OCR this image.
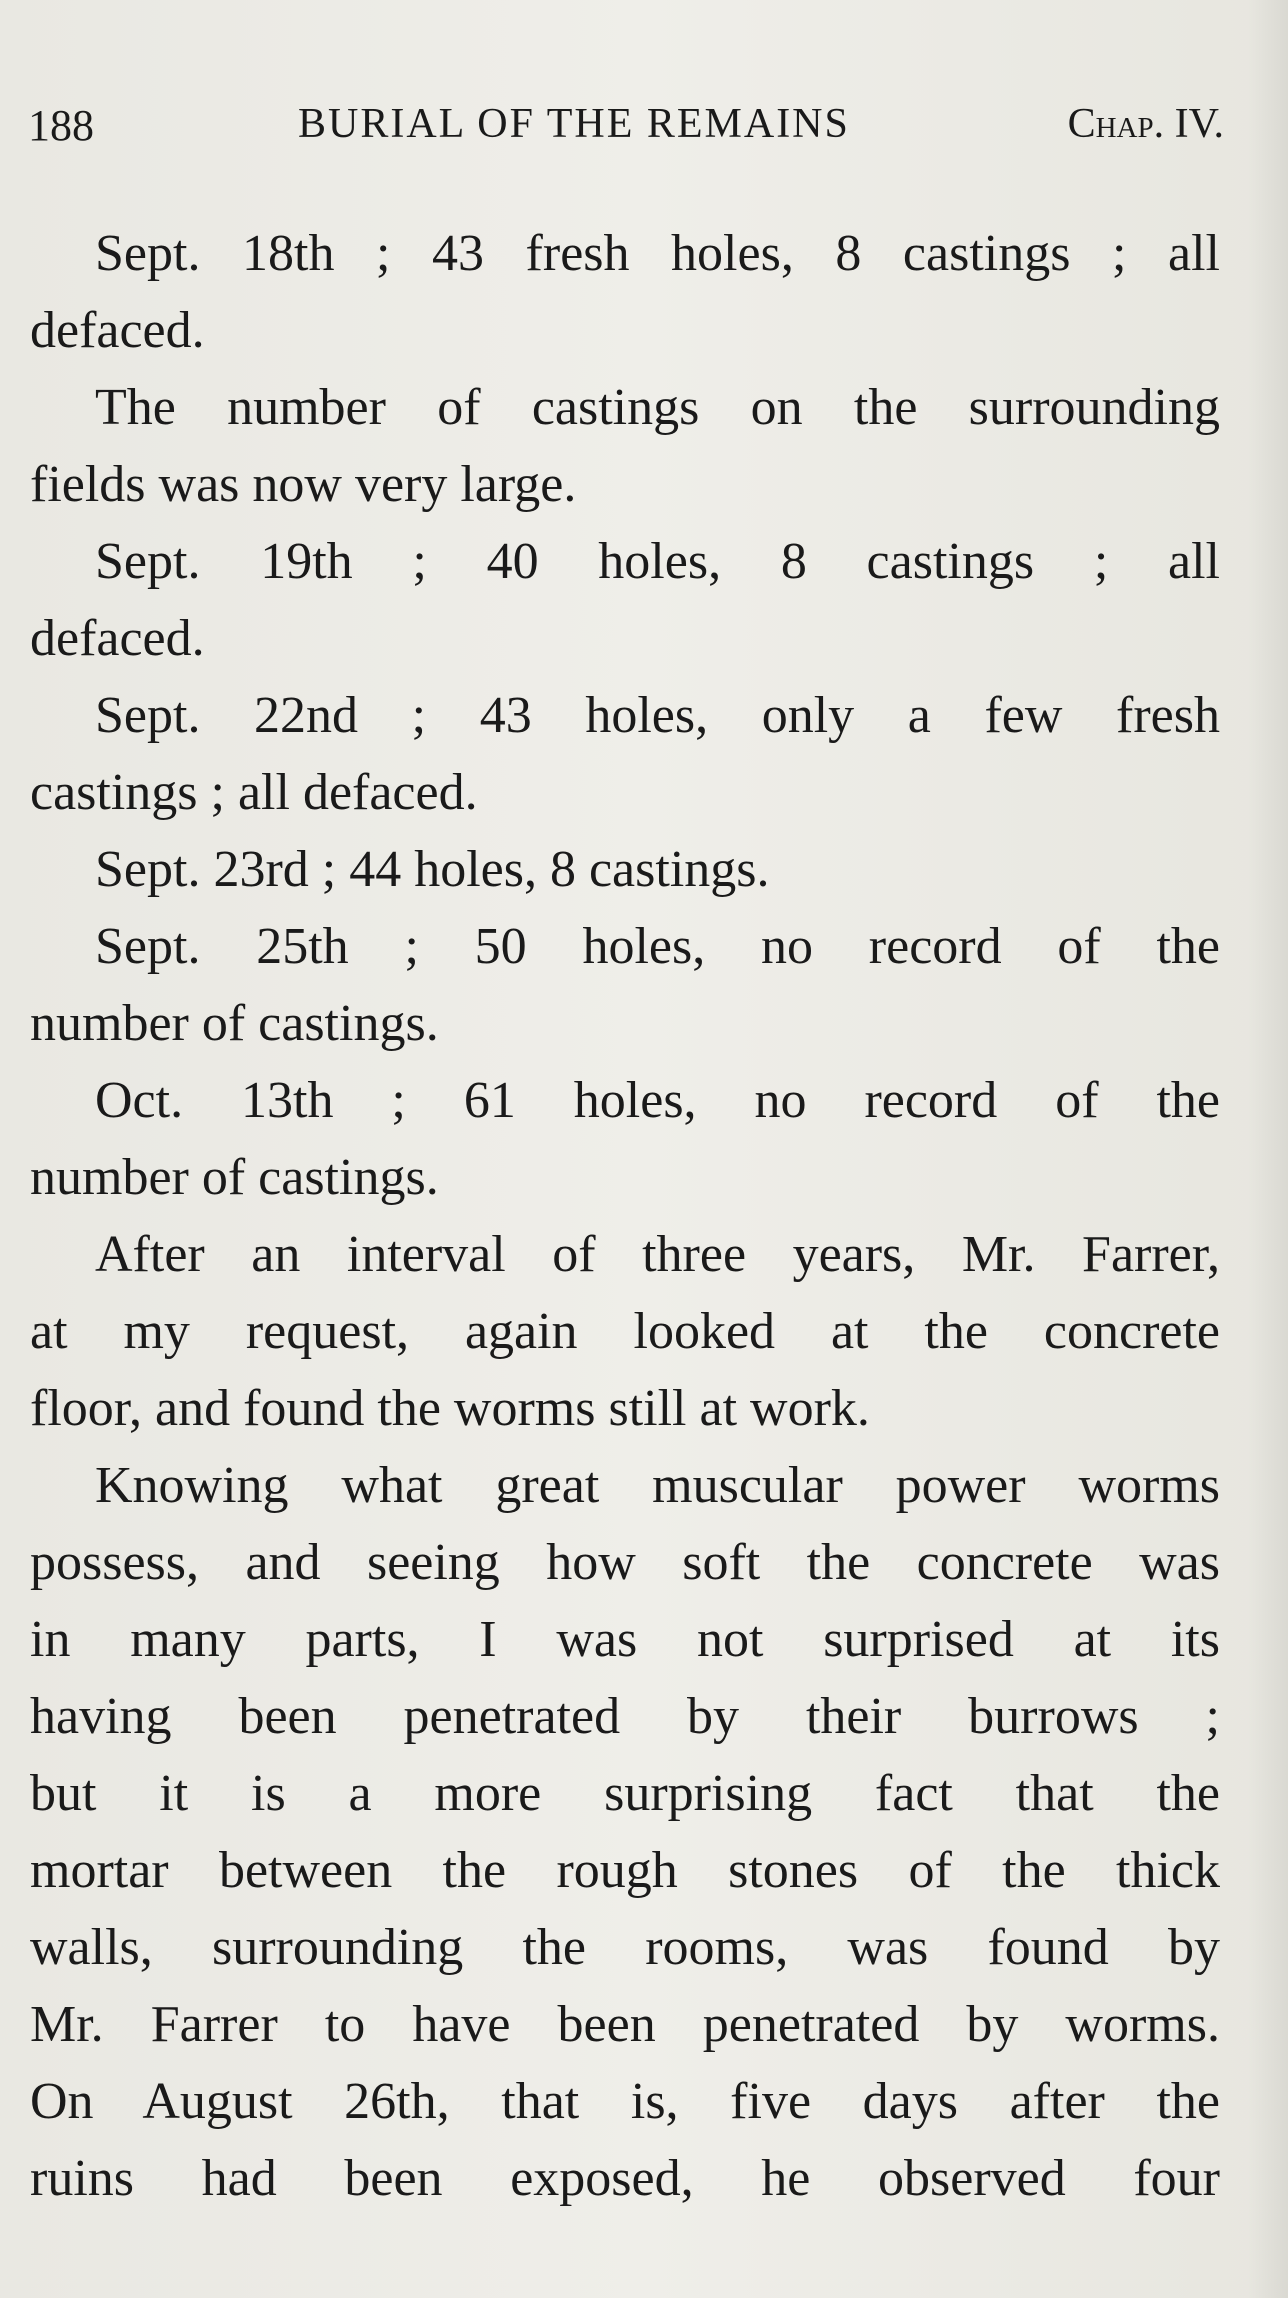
188	BURIAL OF THE REMAINS	Chap. IV.
Sept. 18th ; 43 fresh holes, 8 castings ; all
defaced.
The number of castings on the surrounding
fields was now very large.
Sept. 19th ; 40 holes, 8 castings ; all
defaced.
Sept. 22nd ; 43 holes, only a few fresh
castings ; all defaced.
Sept. 23rd ; 44 holes, 8 castings.
Sept. 25th ; 50 holes, no record of the
number of castings.
Oct. 13th ; 61 holes, no record of the
number of castings.
After an interval of three years, Mr. Farrer,
at my request, again looked at the concrete
floor, and found the worms still at work.
Knowing what great muscular power worms
possess, and seeing how soft the concrete was
in many parts, I was not surprised at its
having been penetrated by their burrows ;
but it is a more surprising fact that the
mortar between the rough stones of the thick
walls, surrounding the rooms, was found by
Mr. Farrer to have been penetrated by worms.
On August 26th, that is, five days after the
ruins had been exposed, he observed four
